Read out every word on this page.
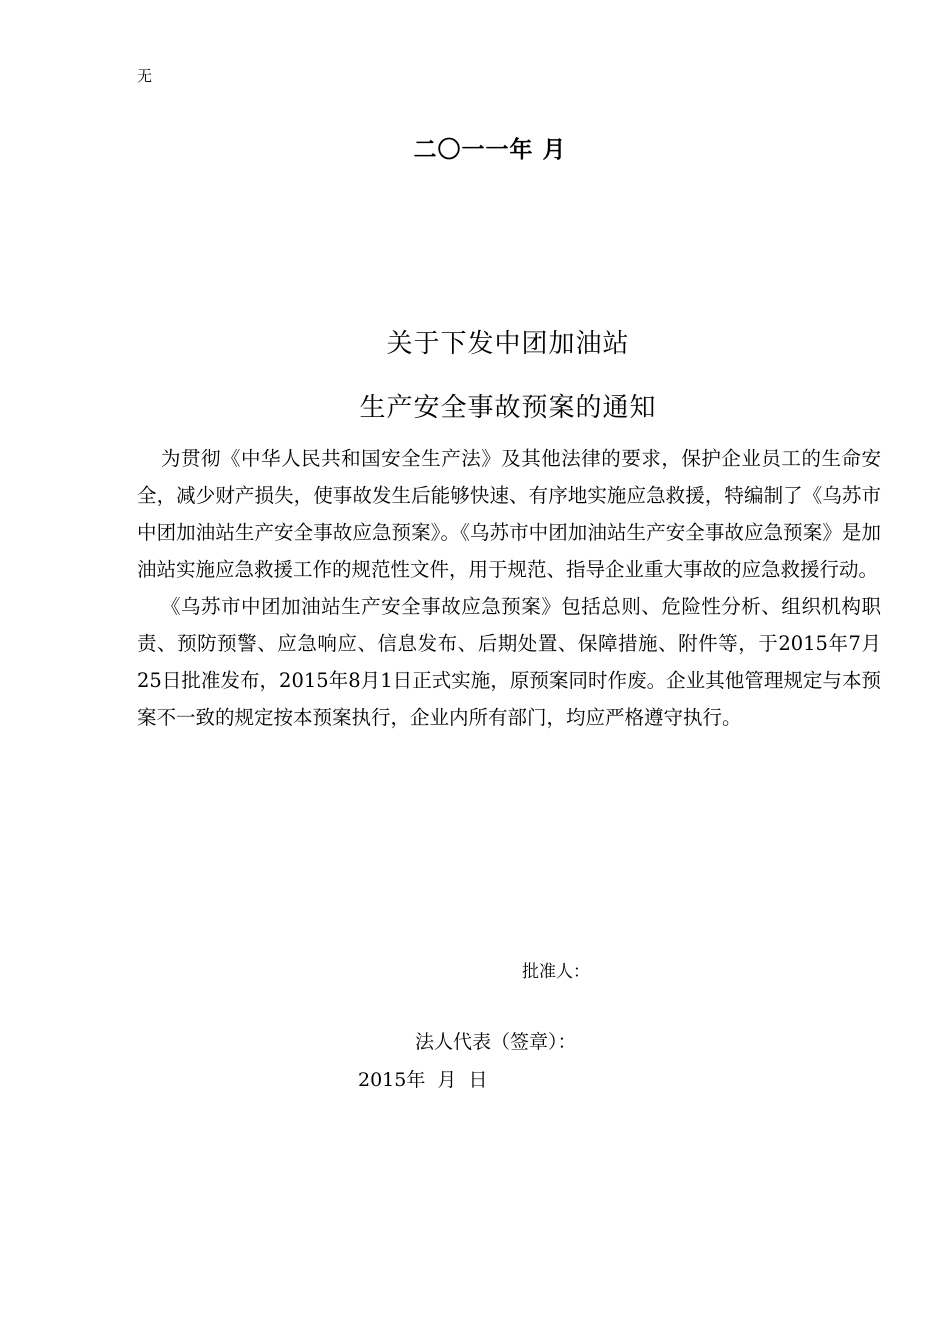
无
二〇一一年 月
关于下发中团加油站
生产安全事故预案的通知

为贯彻《中华人民共和国安全生产法》及其他法律的要求，保护企业员工的生命安全，减少财产损失，使事故发生后能够快速、有序地实施应急救援，特编制了《乌苏市中团加油站生产安全事故应急预案》。《乌苏市中团加油站生产安全事故应急预案》是加油站实施应急救援工作的规范性文件，用于规范、指导企业重大事故的应急救援行动。

《乌苏市中团加油站生产安全事故应急预案》包括总则、危险性分析、组织机构职责、预防预警、应急响应、信息发布、后期处置、保障措施、附件等，于2015年7月 25日批准发布，2015年8月1日正式实施，原预案同时作废。企业其他管理规定与本预案不一致的规定按本预案执行，企业内所有部门，均应严格遵守执行。

批准人：
法人代表（签章）：
2015年  月  日
